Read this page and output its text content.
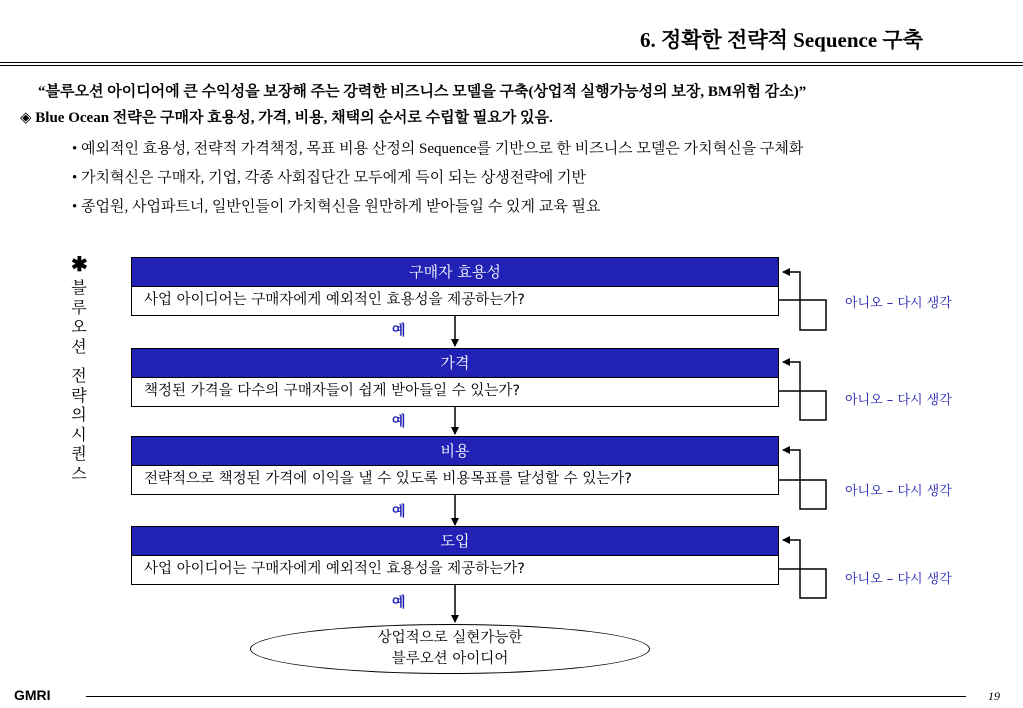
6. 정확한 전략적 Sequence 구축
“블루오션 아이디어에 큰 수익성을 보장해 주는 강력한 비즈니스 모델을 구축(상업적 실행가능성의 보장, BM위험 감소)”
◈ Blue Ocean 전략은 구매자 효용성, 가격, 비용, 채택의 순서로 수립할 필요가 있음.
• 예외적인 효용성, 전략적 가격책정, 목표 비용 산정의 Sequence를 기반으로 한 비즈니스 모델은 가치혁신을 구체화
• 가치혁신은 구매자, 기업, 각종 사회집단간 모두에게 득이 되는 상생전략에 기반
• 종업원, 사업파트너, 일반인들이 가치혁신을 원만하게 받아들일 수 있게 교육 필요
✱
블
루
오
션
전
략
의
시
퀀
스
구매자 효용성
사업 아이디어는 구매자에게 예외적인 효용성을 제공하는가?
가격
책정된 가격을 다수의 구매자들이 쉽게 받아들일 수 있는가?
비용
전략적으로 책정된 가격에 이익을 낼 수 있도록 비용목표를 달성할 수 있는가?
도입
사업 아이디어는 구매자에게 예외적인 효용성을 제공하는가?
예
예
예
예
아니오 – 다시 생각
아니오 – 다시 생각
아니오 – 다시 생각
아니오 – 다시 생각
상업적으로 실현가능한
블루오션 아이디어
GMRI	19
